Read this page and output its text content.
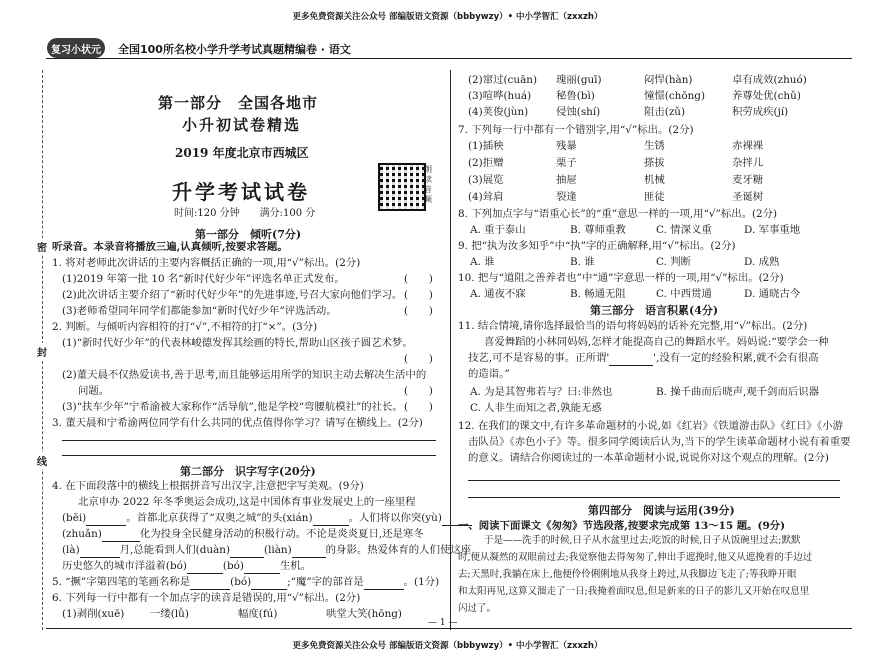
更多免费资源关注公众号 部编版语文资源（bbbywzy）• 中小学智汇（zxxzh）
复习小状元	全国100所名校小学升学考试真题精编卷 · 语文
密
封
线
第一部分　全国各地市
小升初试卷精选
2019 年度北京市西城区
升学考试试卷
时间:120 分钟　　满分:100 分
朗读音频
第一部分　倾听(7分)
听录音。本录音将播放三遍,认真倾听,按要求答题。
1. 将对老师此次讲话的主要内容概括正确的一项,用“√”标出。(2分)
(1)2019 年第一批 10 名“新时代好少年”评选名单正式发布。	(　　)
(2)此次讲话主要介绍了“新时代好少年”的先进事迹,号召大家向他们学习。 (　　)
(3)老师希望同年同学们都能参加“新时代好少年”评选活动。	(　　)
2. 判断。与倾听内容相符的打“√”,不相符的打“×”。(3分)
(1)“新时代好少年”的代表林峻德发挥其绘画的特长,帮助山区孩子圆艺术梦。
(　　)
(2)董天晨不仅热爱读书,善于思考,而且能够运用所学的知识主动去解决生活中的
问题。	(　　)
(3)“扶车少年”宁希渝被大家称作“活导航”,他是学校“弯腰航模社”的社长。 (　　)
3. 董天晨和宁希渝两位同学有什么共同的优点值得你学习？请写在横线上。(2分)
第二部分　识字写字(20分)
4. 在下面段落中的横线上根据拼音写出汉字,注意把字写美观。(9分)
北京申办 2022 年冬季奥运会成功,这是中国体育事业发展史上的一座里程
(bēi)	。首都北京获得了“双奥之城”的头(xián)	。人们将以你突(yù)
(zhuǎn)	化为投身全民健身活动的积极行动。不论是炎炎夏日,还是寒冬
(là)	月,总能看到人们(duàn)	(liàn)	的身影。热爱体育的人们使这座
历史悠久的城市洋溢着(bó)	(bó)	生机。
5. “撅”字第四笔的笔画名称是	(bó)	;“魔”字的部首是	。(1分)
6. 下列每一行中都有一个加点字的读音是错误的,用“√”标出。(2分)
(1)剥削(xuē) 一缕(lǚ)	幅度(fú)	哄堂大笑(hōng)
(2)窜过(cuān) 瑰丽(guī)	闷悍(hàn)	卓有成效(zhuó)
(3)喧哗(huá) 秘鲁(bì)	憧憬(chōng)	养尊处优(chǔ)
(4)荚俊(jùn)	侵蚀(shí)	阻击(zǔ)	积劳成疾(jí)
7. 下列每一行中都有一个错别字,用“√”标出。(2分)
(1)插秧	残暴	生锈	赤裸裸
(2)拒赠	栗子	搽拔	杂拌儿
(3)展览	抽屉	机械	麦牙糖
(4)耸肩	裂逢	匪徒	圣诞树
8. 下列加点字与“语重心长”的“重”意思一样的一项,用“√”标出。(2分)
A. 重于泰山	B. 尊师重教	C. 情深义重	D. 军事重地
9. 把“执为汝多知乎”中“执”字的正确解释,用“√”标出。(2分)
A. 谁	B. 谁	C. 判断	D. 成熟
10. 把与“道阻之善养者也”中“通”字意思一样的一项,用“√”标出。(2分)
A. 通夜不寐	B. 畅通无阻	C. 中西贯通	D. 通晓古今
第三部分　语言积累(4分)
11. 结合情境,请你选择最恰当的语句将妈妈的话补充完整,用“√”标出。(2分)
喜爱舞蹈的小林同妈妈,怎样才能提高自己的舞蹈水平。妈妈说:“要学会一种
技艺,可不是容易的事。正所谓'	',没有一定的经验积累,就不会有很高
的造诣。”
A. 为是其智弗若与？曰:非然也	B. 操千曲而后晓声,观千剑而后识器
C. 人非生而知之者,孰能无惑
12. 在我们的课文中,有许多革命题材的小说,如《红岩》《铁道游击队》《红日》《小游
击队员》《赤色小子》等。很多同学阅读后认为,当下的学生读革命题材小说有着重要
的意义。请结合你阅读过的一本革命题材小说,说说你对这个观点的理解。(2分)
第四部分　阅读与运用(39分)
一、阅读下面课文《匆匆》节选段落,按要求完成第 13～15 题。(9分)
于是——洗手的时候,日子从水盆里过去;吃饭的时候,日子从饭碗里过去;默默
时,便从凝然的双眼前过去;我觉察他去得匆匆了,伸出手遮挽时,他又从遮挽着的手边过
去;天黑时,我躺在床上,他便伶伶俐俐地从我身上跨过,从我脚边飞走了;等我睁开眼
和太阳再见,这算又溜走了一日;我掩着面叹息,但是新来的日子的影儿又开始在叹息里
闪过了。
— 1 —
更多免费资源关注公众号 部编版语文资源（bbbywzy）• 中小学智汇（zxxzh）
